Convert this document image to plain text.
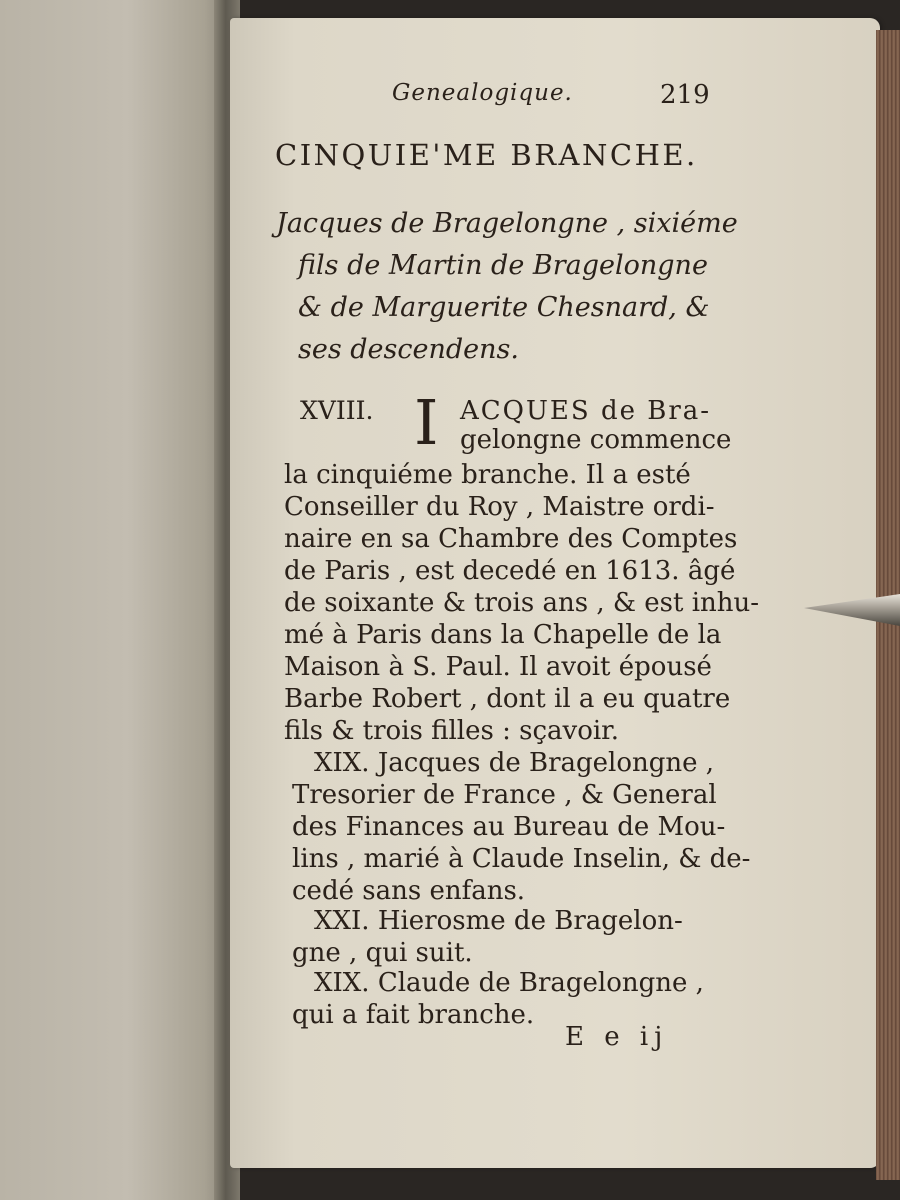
Genealogique.	219
CINQUIE'ME BRANCHE.
Jacques de Bragelongne , sixiéme
fils de Martin de Bragelongne
& de Marguerite Chesnard, &
ses descendens.
XVIII. I ACQUES de Bra-
gelongne commence
la cinquiéme branche. Il a esté
Conseiller du Roy , Maistre ordi-
naire en sa Chambre des Comptes
de Paris , est decedé en 1613. âgé
de soixante & trois ans , & est inhu-
mé à Paris dans la Chapelle de la
Maison à S. Paul. Il avoit épousé
Barbe Robert , dont il a eu quatre
fils & trois filles : sçavoir.
XIX. Jacques de Bragelongne ,
Tresorier de France , & General
des Finances au Bureau de Mou-
lins , marié à Claude Inselin, & de-
cedé sans enfans.
XXI. Hierosme de Bragelon-
gne , qui suit.
XIX. Claude de Bragelongne ,
qui a fait branche.
E e ij
